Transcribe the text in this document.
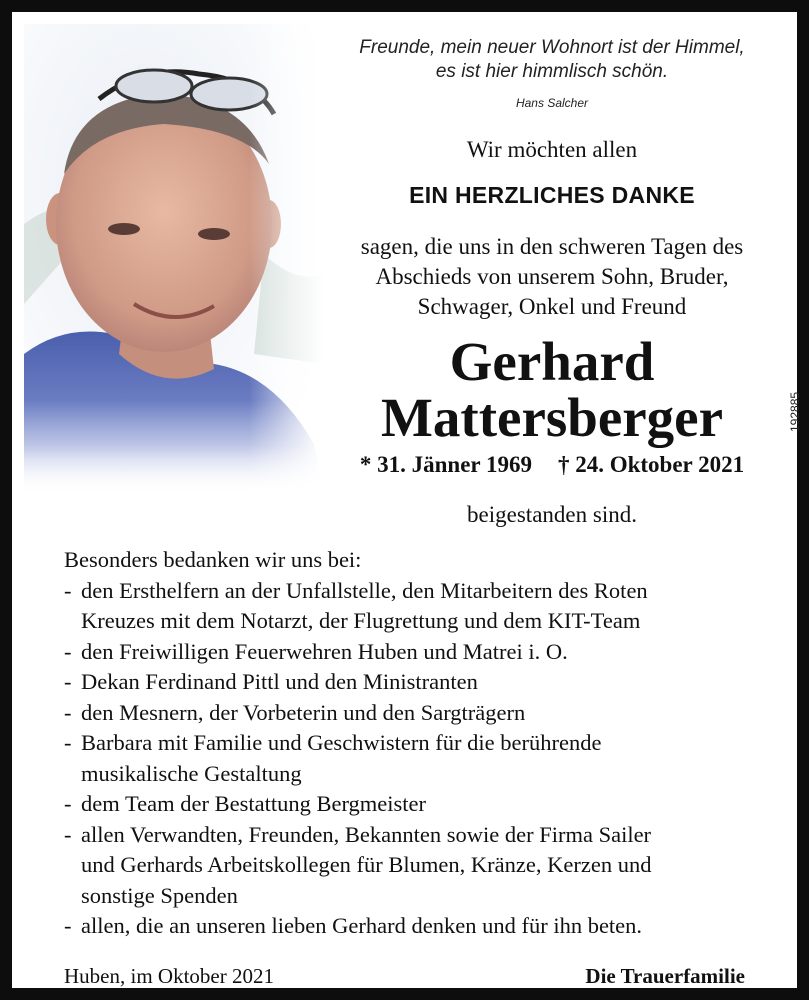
Freunde, mein neuer Wohnort ist der Himmel,
es ist hier himmlisch schön.
Hans Salcher
Wir möchten allen
EIN HERZLICHES DANKE
sagen, die uns in den schweren Tagen des
Abschieds von unserem Sohn, Bruder,
Schwager, Onkel und Freund
Gerhard
Mattersberger
* 31. Jänner 1969 † 24. Oktober 2021
beigestanden sind.
192885
Besonders bedanken wir uns bei:
- den Ersthelfern an der Unfallstelle, den Mitarbeitern des Roten
Kreuzes mit dem Notarzt, der Flugrettung und dem KIT-Team
- den Freiwilligen Feuerwehren Huben und Matrei i. O.
- Dekan Ferdinand Pittl und den Ministranten
- den Mesnern, der Vorbeterin und den Sargträgern
- Barbara mit Familie und Geschwistern für die berührende
musikalische Gestaltung
- dem Team der Bestattung Bergmeister
- allen Verwandten, Freunden, Bekannten sowie der Firma Sailer
und Gerhards Arbeitskollegen für Blumen, Kränze, Kerzen und
sonstige Spenden
- allen, die an unseren lieben Gerhard denken und für ihn beten.
Huben, im Oktober 2021	Die Trauerfamilie
